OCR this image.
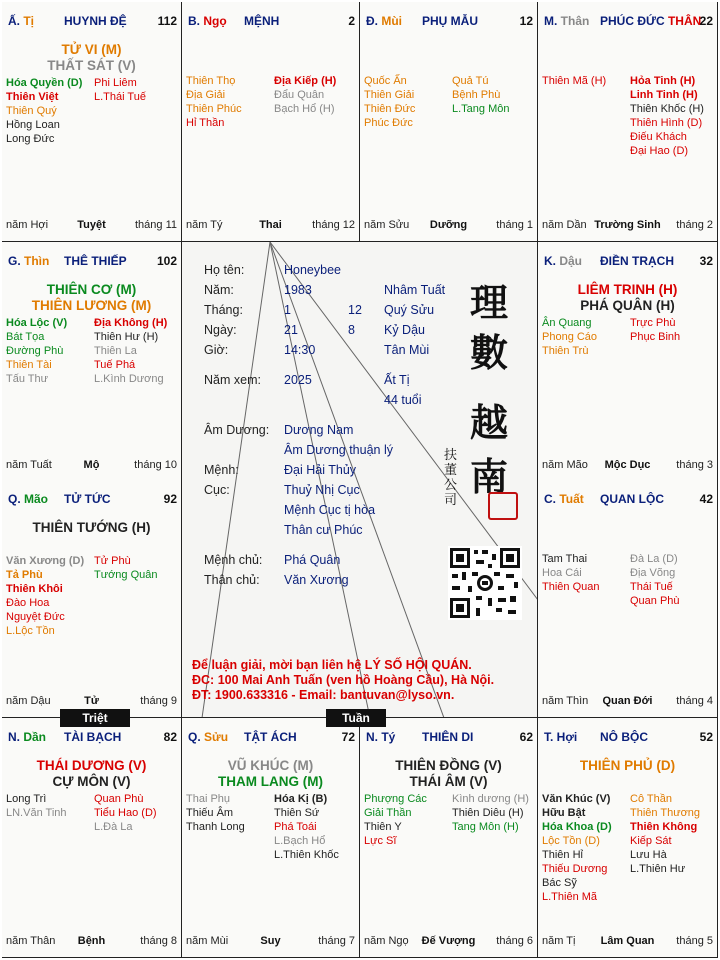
Ấ. Tị HUYNH ĐỆ	112
TỬ VI (M)
THẤT SÁT (V)
Hóa Quyền (D)
Thiên Việt
Thiên Quý
Hồng Loan
Long Đức
Phi Liêm
L.Thái Tuế
năm Hợi	Tuyệt	tháng 11
B. Ngọ MỆNH	2
Thiên Thọ
Địa Giải
Thiên Phúc
Hỉ Thần
Địa Kiếp (H)
Đẩu Quân
Bạch Hổ (H)
năm Tý	Thai	tháng 12
Đ. Mùi PHỤ MẪU	12
Quốc Ấn
Thiên Giải
Thiên Đức
Phúc Đức
Quả Tú
Bệnh Phù
L.Tang Môn
năm Sửu	Dưỡng	tháng 1
M. Thân PHÚC ĐỨC THÂN
22
Thiên Mã (H) Hỏa Tinh (H)
Linh Tinh (H)
Thiên Khốc (H)
Thiên Hình (D)
Điếu Khách
Đại Hao (D)
năm Dần Trường Sinh	tháng 2
G. Thìn THÊ THIẾP	102
THIÊN CƠ (M)
THIÊN LƯƠNG (M)
Hóa Lộc (V)
Bát Tọa
Đường Phù
Thiên Tài
Tấu Thư
Địa Không (H)
Thiên Hư (H)
Thiên La
Tuế Phá
L.Kình Dương
năm Tuất	Mộ	tháng 10
K. Dậu ĐIỀN TRẠCH 32
LIÊM TRINH (H)
PHÁ QUÂN (H)
Ân Quang
Phong Cáo
Thiên Trù
Trực Phù
Phục Binh
năm Mão	Mộc Dục	tháng 3
Q. Mão TỬ TỨC	92
THIÊN TƯỚNG (H)
Văn Xương (D)
Tả Phù
Thiên Khôi
Đào Hoa
Nguyệt Đức
L.Lộc Tồn
Tử Phù
Tướng Quân
năm Dậu	Tử	tháng 9
C. Tuất QUAN LỘC	42
Tam Thai
Hoa Cái
Thiên Quan
Đà La (D)
Địa Võng
Thái Tuế
Quan Phù
năm Thìn	Quan Đới	tháng 4
N. Dần TÀI BẠCH	82
THÁI DƯƠNG (V)
CỰ MÔN (V)
Long Trì
LN.Văn Tinh
Quan Phù
Tiểu Hao (D)
L.Đà La
năm Thân	Bệnh	tháng 8
Q. Sửu TẬT ÁCH	72
VŨ KHÚC (M)
THAM LANG (M)
Thai Phụ
Thiếu Âm
Thanh Long
Hóa Kị (B)
Thiên Sứ
Phá Toái
L.Bạch Hổ
L.Thiên Khốc
năm Mùi	Suy	tháng 7
N. Tý THIÊN DI	62
THIÊN ĐỒNG (V)
THÁI ÂM (V)
Phượng Các
Giải Thần
Thiên Y
Lực Sĩ
Kình dương (H)
Thiên Diêu (H)
Tang Môn (H)
năm Ngọ	Đế Vượng	tháng 6
T. Hợi NÔ BỘC	52
THIÊN PHỦ (D)
Văn Khúc (V)
Hữu Bật
Hóa Khoa (D)
Lộc Tồn (D)
Thiên Hỉ
Thiếu Dương
Bác Sỹ
L.Thiên Mã
Cô Thần
Thiên Thương
Thiên Không
Kiếp Sát
Lưu Hà
L.Thiên Hư
năm Tị	Lâm Quan	tháng 5
Họ tên:	Honeybee
Năm:	1983	Nhâm Tuất
Tháng:	1	12 Quý Sửu
Ngày:	21	8 Kỷ Dậu
Giờ:	14:30	Tân Mùi
Năm xem: 2025	Ất Tị
44 tuổi
Âm Dương: Dương Nam
Âm Dương thuận lý
Mệnh:	Đại Hải Thủy
Cục:	Thuỷ Nhị Cục
Mệnh Cục tị hòa
Thân cư Phúc
Mệnh chủ: Phá Quân
Thân chủ: Văn Xương
理
數
越
南
扶董公司
Để luận giải, mời bạn liên hệ LÝ SỐ HỘI QUÁN.
ĐC: 100 Mai Anh Tuấn (ven hồ Hoàng Cầu), Hà Nội.
ĐT: 1900.633316 - Email: bantuvan@lyso.vn.
Triệt	Tuần
